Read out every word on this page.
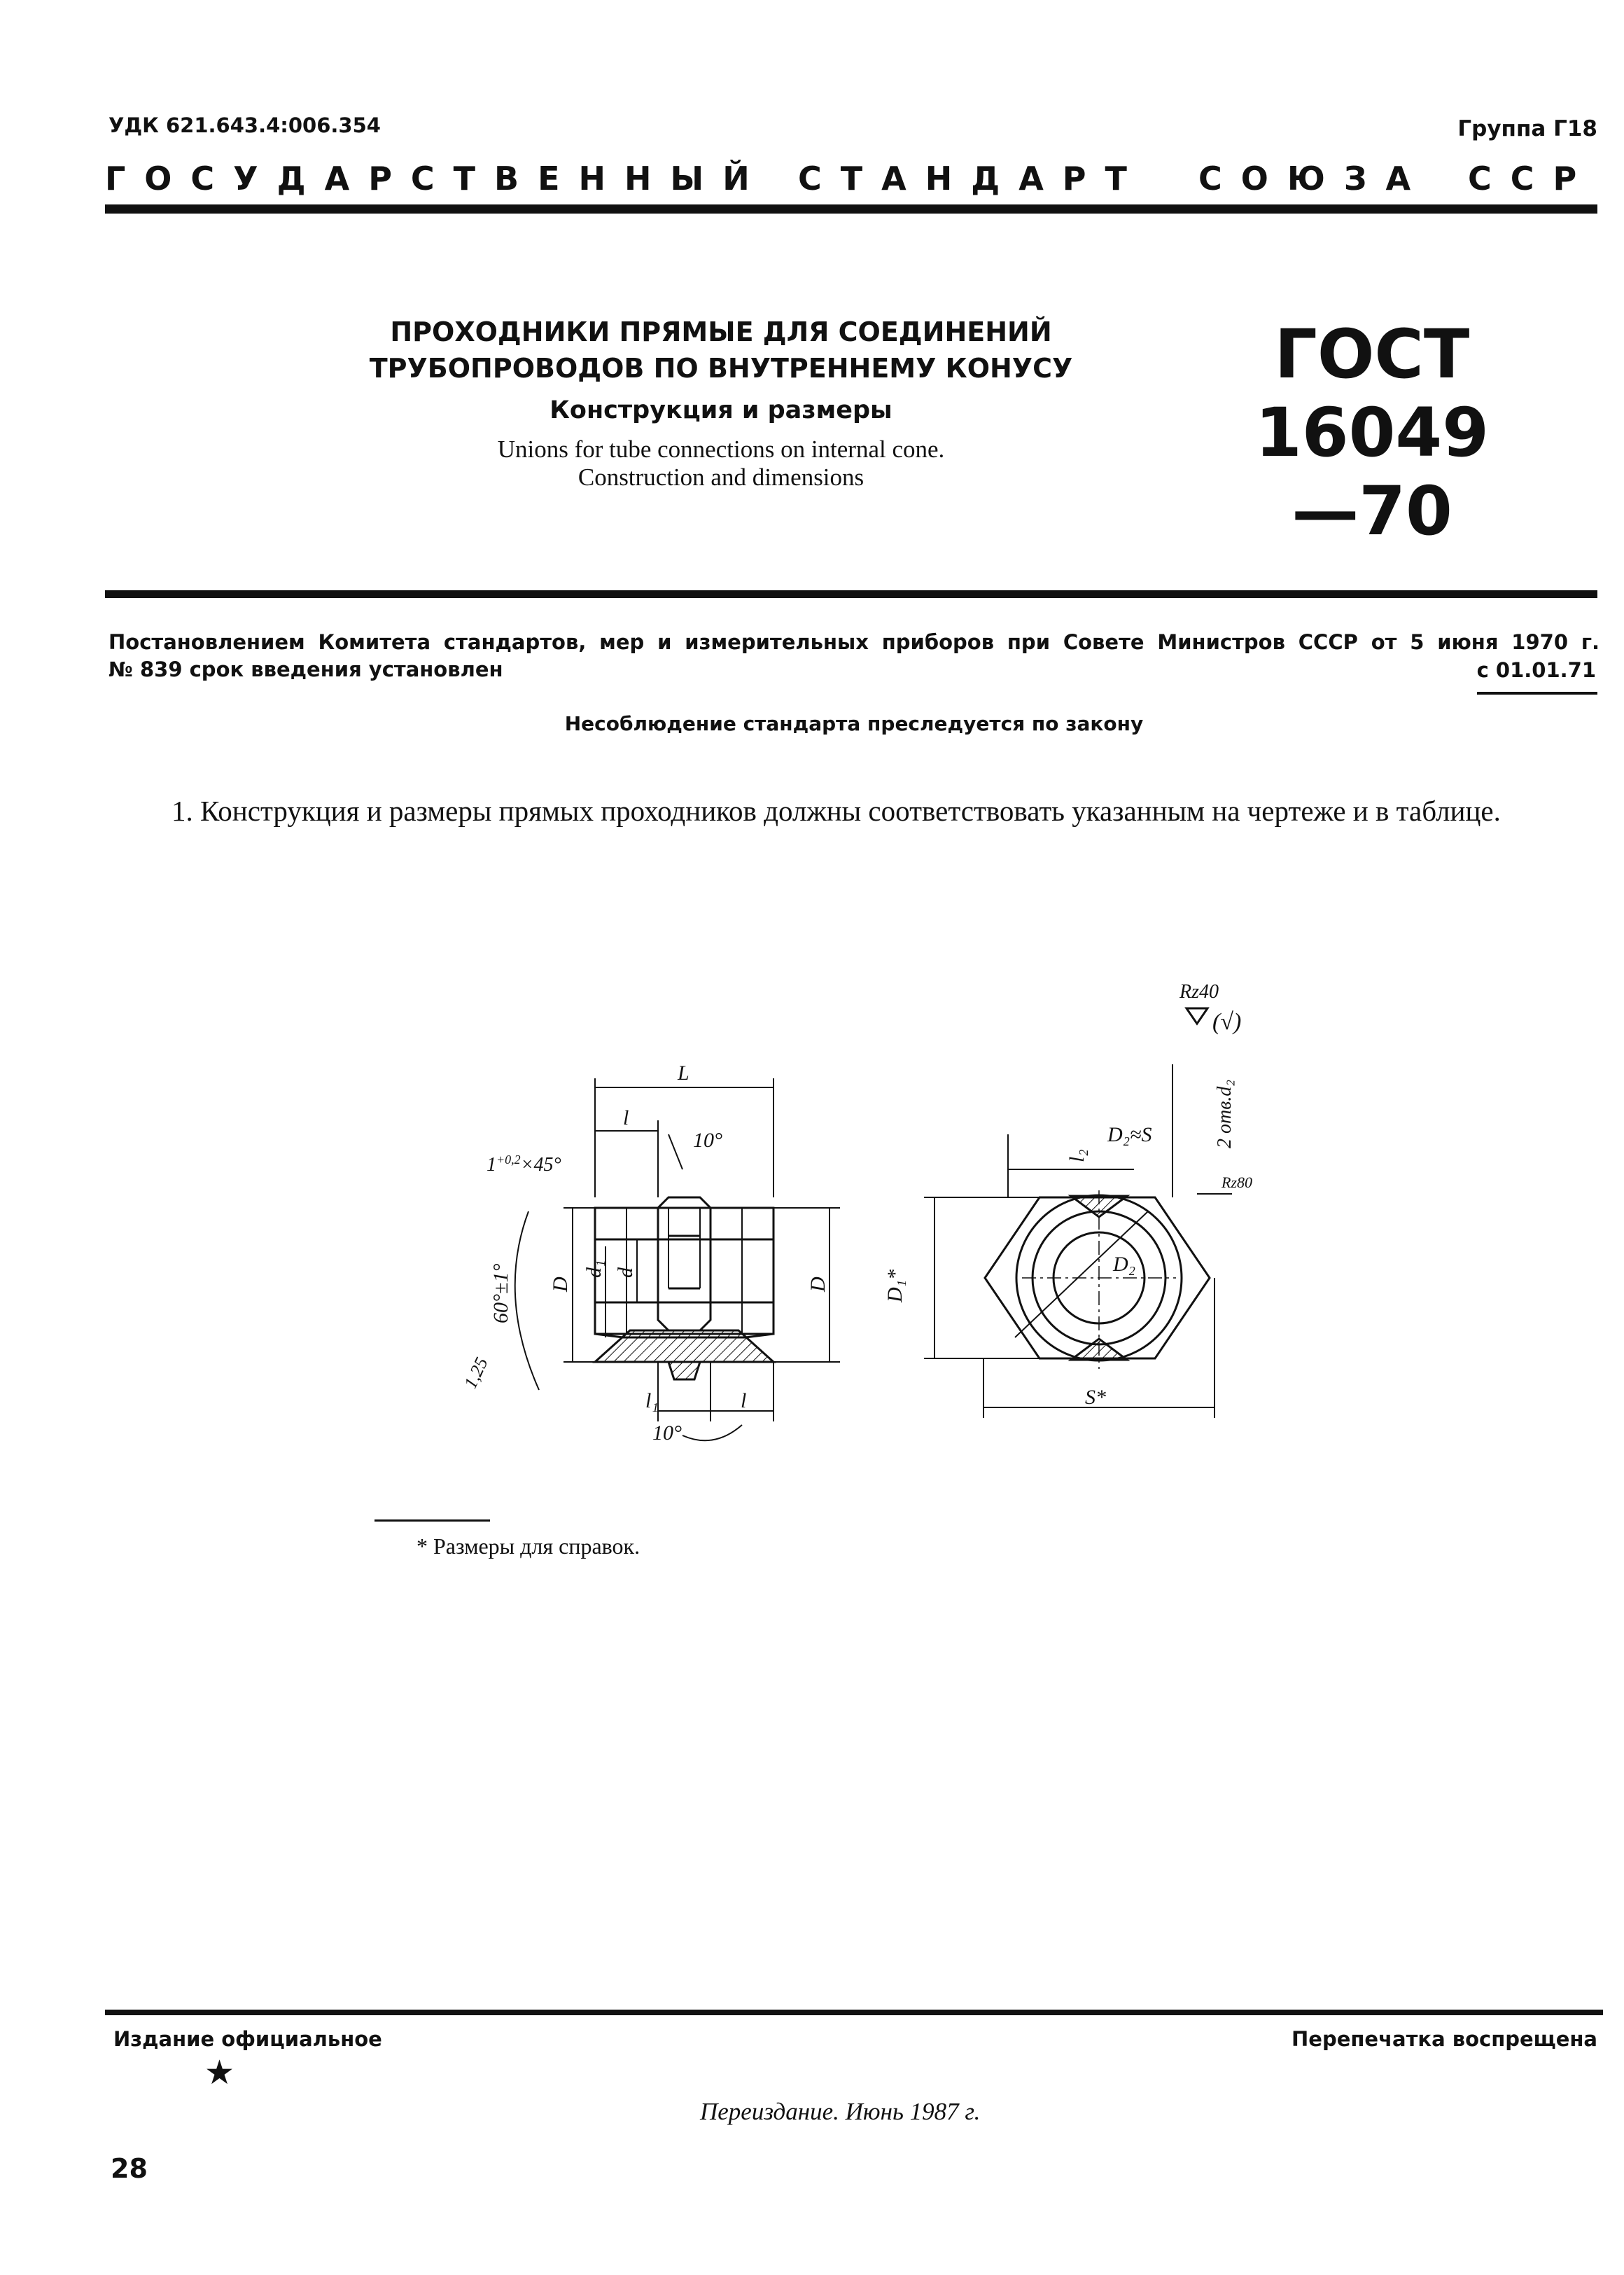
УДК 621.643.4:006.354	Группа Г18
ГОСУДАРСТВЕННЫЙ СТАНДАРТ СОЮЗА ССР
ПРОХОДНИКИ ПРЯМЫЕ ДЛЯ СОЕДИНЕНИЙ
ТРУБОПРОВОДОВ ПО ВНУТРЕННЕМУ КОНУСУ
Конструкция и размеры
Unions for tube connections on internal cone.
Construction and dimensions
ГОСТ
16049—70
Постановлением Комитета стандартов, мер и измерительных приборов при Совете Министров СССР от 5 июня 1970 г.
№ 839 срок введения установлен	с 01.01.71
Несоблюдение стандарта преследуется по закону
1. Конструкция и размеры прямых проходников должны соответствовать указанным на чертеже и в таблице.
L
l
10°
$1^{+0,2}\times 45^\circ$
60°±1° D
d₁ d
D
l₁	l
10°
1,25
Rz40
(√)
l₂
D₂≈S	2 отв.d₂
Rz80
D₁*
D₂
S*
* Размеры для справок.
Издание официальное	Перепечатка воспрещена
★
Переиздание. Июнь 1987 г.
28
